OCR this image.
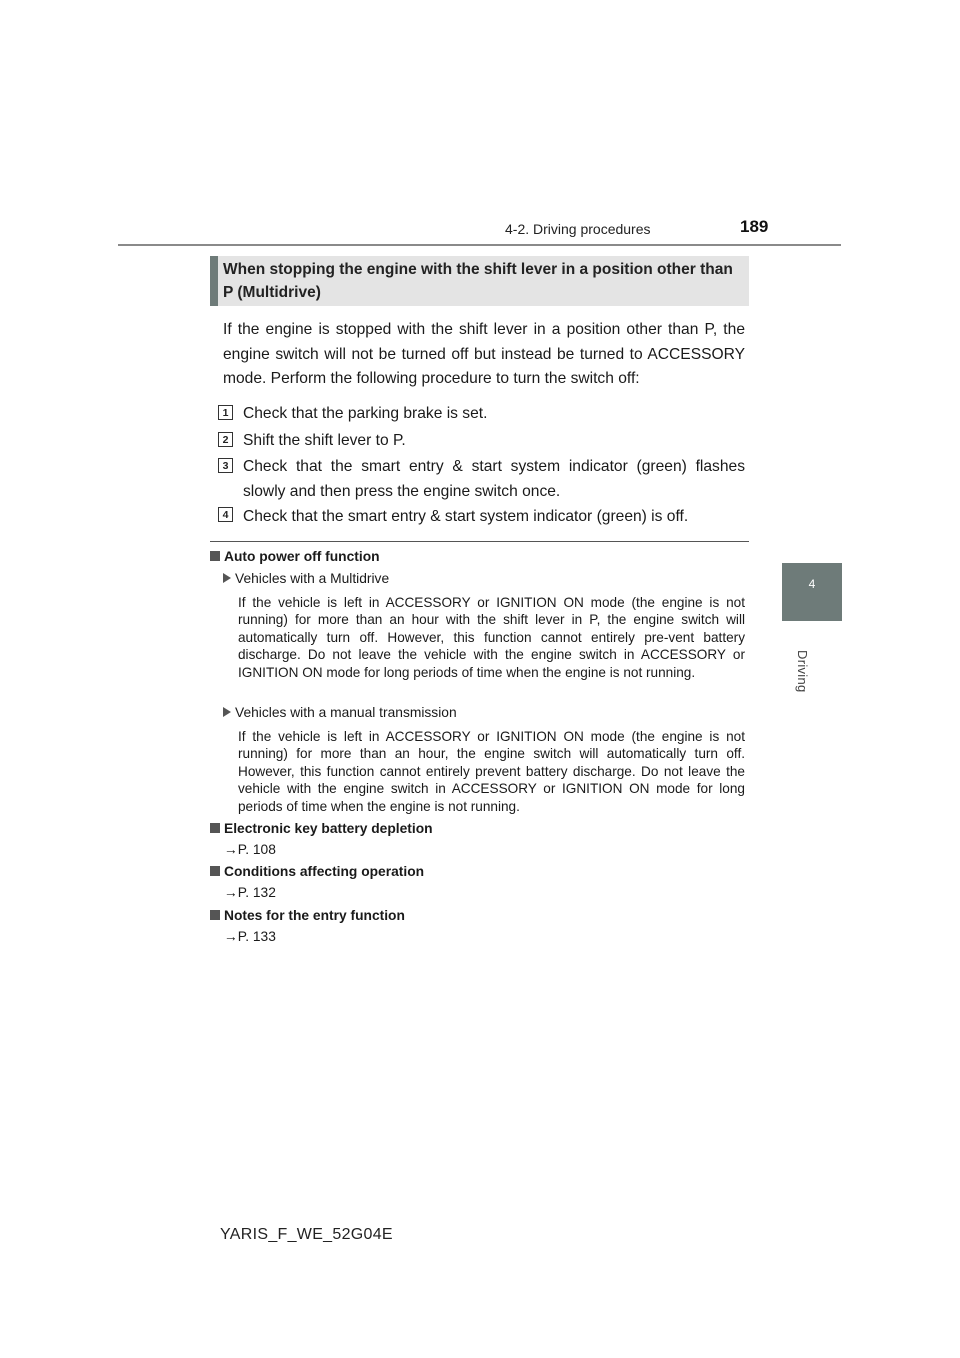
4-2. Driving procedures	189
4
Driving
When stopping the engine with the shift lever in a position other than P (Multidrive)
If the engine is stopped with the shift lever in a position other than P, the engine switch will not be turned off but instead be turned to ACCESSORY mode. Perform the following procedure to turn the switch off:
1 Check that the parking brake is set.
2 Shift the shift lever to P.
3 Check that the smart entry & start system indicator (green) flashes slowly and then press the engine switch once.
4 Check that the smart entry & start system indicator (green) is off.
Auto power off function
Vehicles with a Multidrive
If the vehicle is left in ACCESSORY or IGNITION ON mode (the engine is not running) for more than an hour with the shift lever in P, the engine switch will automatically turn off. However, this function cannot entirely pre-vent battery discharge. Do not leave the vehicle with the engine switch in ACCESSORY or IGNITION ON mode for long periods of time when the engine is not running.
Vehicles with a manual transmission
If the vehicle is left in ACCESSORY or IGNITION ON mode (the engine is not running) for more than an hour, the engine switch will automatically turn off. However, this function cannot entirely prevent battery discharge. Do not leave the vehicle with the engine switch in ACCESSORY or IGNITION ON mode for long periods of time when the engine is not running.
Electronic key battery depletion
→P. 108
Conditions affecting operation
→P. 132
Notes for the entry function
→P. 133
YARIS_F_WE_52G04E
